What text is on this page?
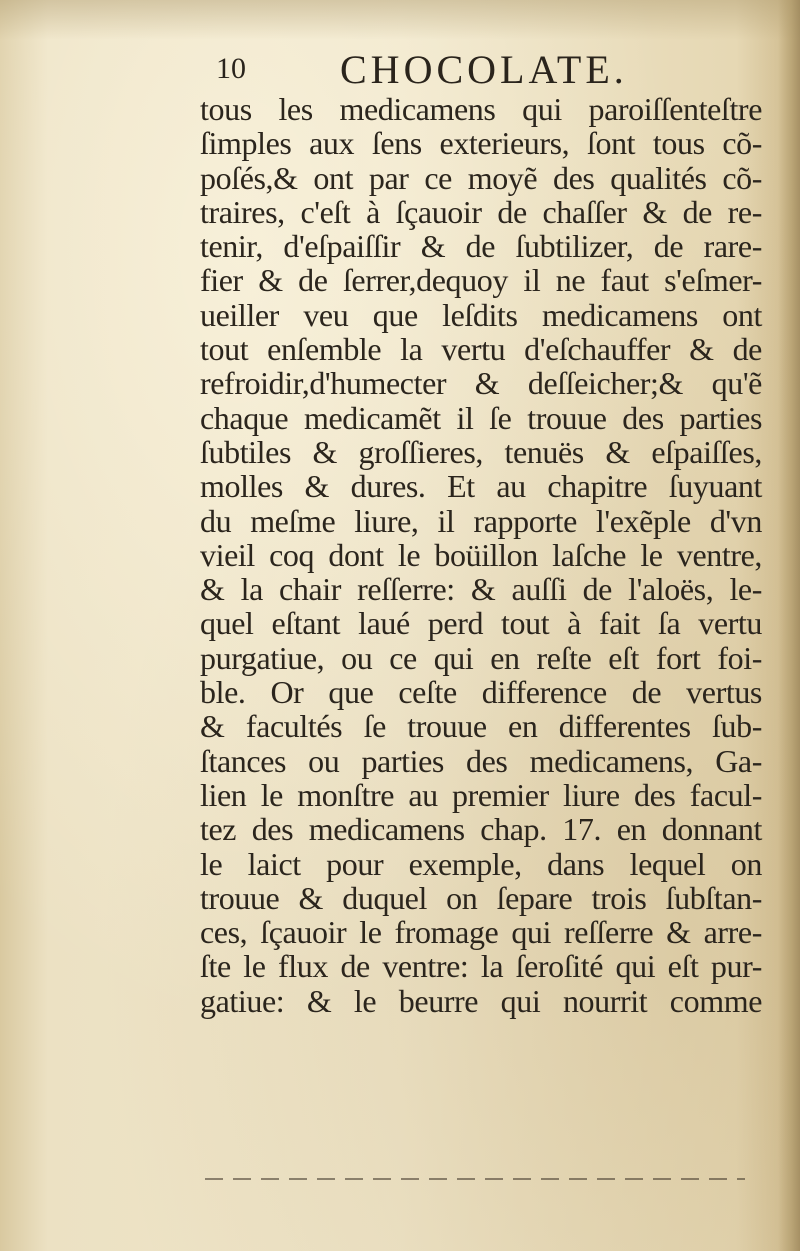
10 CHOCOLATE.
tous les medicamens qui paroiſſenteſtre
ſimples aux ſens exterieurs, ſont tous cõ-
poſés,& ont par ce moyẽ des qualités cõ-
traires, c'eſt à ſçauoir de chaſſer & de re-
tenir, d'eſpaiſſir & de ſubtilizer, de rare-
fier & de ſerrer,dequoy il ne faut s'eſmer-
ueiller veu que leſdits medicamens ont
tout enſemble la vertu d'eſchauffer & de
refroidir,d'humecter & deſſeicher;& qu'ẽ
chaque medicamẽt il ſe trouue des parties
ſubtiles & groſſieres, tenuës & eſpaiſſes,
molles & dures. Et au chapitre ſuyuant
du meſme liure, il rapporte l'exẽple d'vn
vieil coq dont le boüillon laſche le ventre,
& la chair reſſerre: & auſſi de l'aloës, le-
quel eſtant laué perd tout à fait ſa vertu
purgatiue, ou ce qui en reſte eſt fort foi-
ble. Or que ceſte difference de vertus
& facultés ſe trouue en differentes ſub-
ſtances ou parties des medicamens, Ga-
lien le monſtre au premier liure des facul-
tez des medicamens chap. 17. en donnant
le laict pour exemple, dans lequel on
trouue & duquel on ſepare trois ſubſtan-
ces, ſçauoir le fromage qui reſſerre & arre-
ſte le flux de ventre: la ſeroſité qui eſt pur-
gatiue: & le beurre qui nourrit comme
